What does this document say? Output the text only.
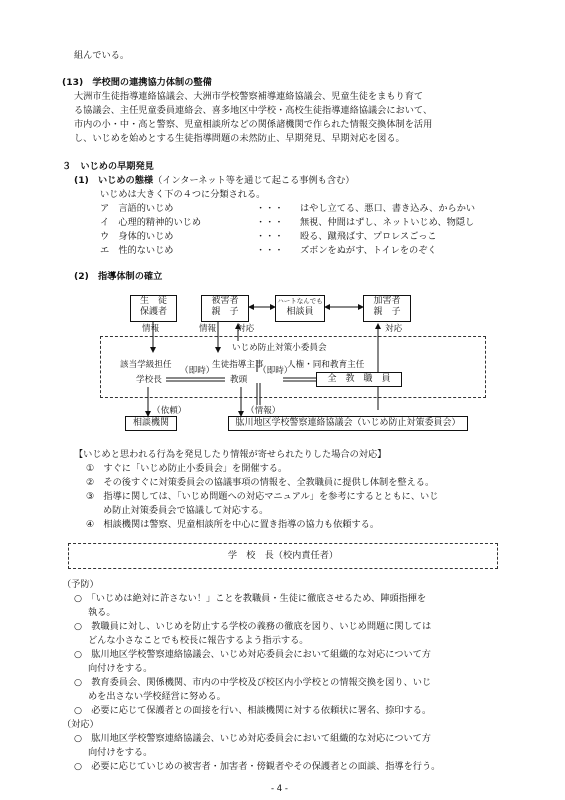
組んでいる。
(13)　学校間の連携協力体制の整備
大洲市生徒指導連絡協議会、大洲市学校警察補導連絡協議会、児童生徒をまもり育て
る協議会、主任児童委員連絡会、喜多地区中学校・高校生徒指導連絡協議会において、
市内の小・中・高と警察、児童相談所などの関係諸機関で作られた情報交換体制を活用
し、いじめを始めとする生徒指導問題の未然防止、早期発見、早期対応を図る。
３　いじめの早期発見
(1)　いじめの態様（インターネット等を通じて起こる事例も含む）
いじめは大きく下の４つに分類される。
ア　言語的いじめ	・・・ はやし立てる、悪口、書き込み、からかい
イ　心理的精神的いじめ	・・・ 無視、仲間はずし、ネットいじめ、物隠し
ウ　身体的いじめ	・・・ 殴る、蹴飛ばす、プロレスごっこ
エ　性的ないじめ	・・・ ズボンをぬがす、トイレをのぞく
(2)　指導体制の確立
生　徒
保護者
被害者
親　子
ハートなんでも
相談員
加害者
親　子
情報	情報 対応	対応
いじめ防止対策小委員会
該当学級担任	生徒指導主事	人権・同和教育主任
（即時）	（即時）
学校長	教頭	全　教　職　員
（依頼）	（情報）
相談機関	肱川地区学校警察連絡協議会（いじめ防止対策委員会）
【いじめと思われる行為を発見したり情報が寄せられたりした場合の対応】
①　すぐに「いじめ防止小委員会」を開催する。
②　その後すぐに対策委員会の協議事項の情報を、全教職員に提供し体制を整える。
③　指導に関しては、「いじめ問題への対応マニュアル」を参考にするとともに、いじ
め防止対策委員会で協議して対応する。
④　相談機関は警察、児童相談所を中心に置き指導の協力も依頼する。
学　校　長（校内責任者）
（予防）
○　「いじめは絶対に許さない！」ことを教職員・生徒に徹底させるため、陣頭指揮を
執る。
○　教職員に対し、いじめを防止する学校の義務の徹底を図り、いじめ問題に関しては
どんな小さなことでも校長に報告するよう指示する。
○　肱川地区学校警察連絡協議会、いじめ対応委員会において組織的な対応について方
向付けをする。
○　教育委員会、関係機関、市内の中学校及び校区内小学校との情報交換を図り、いじ
めを出さない学校経営に努める。
○　必要に応じて保護者との面接を行い、相談機関に対する依頼状に署名、捺印する。
（対応）
○　肱川地区学校警察連絡協議会、いじめ対応委員会において組織的な対応について方
向付けをする。
○　必要に応じていじめの被害者・加害者・傍観者やその保護者との面談、指導を行う。
- 4 -
